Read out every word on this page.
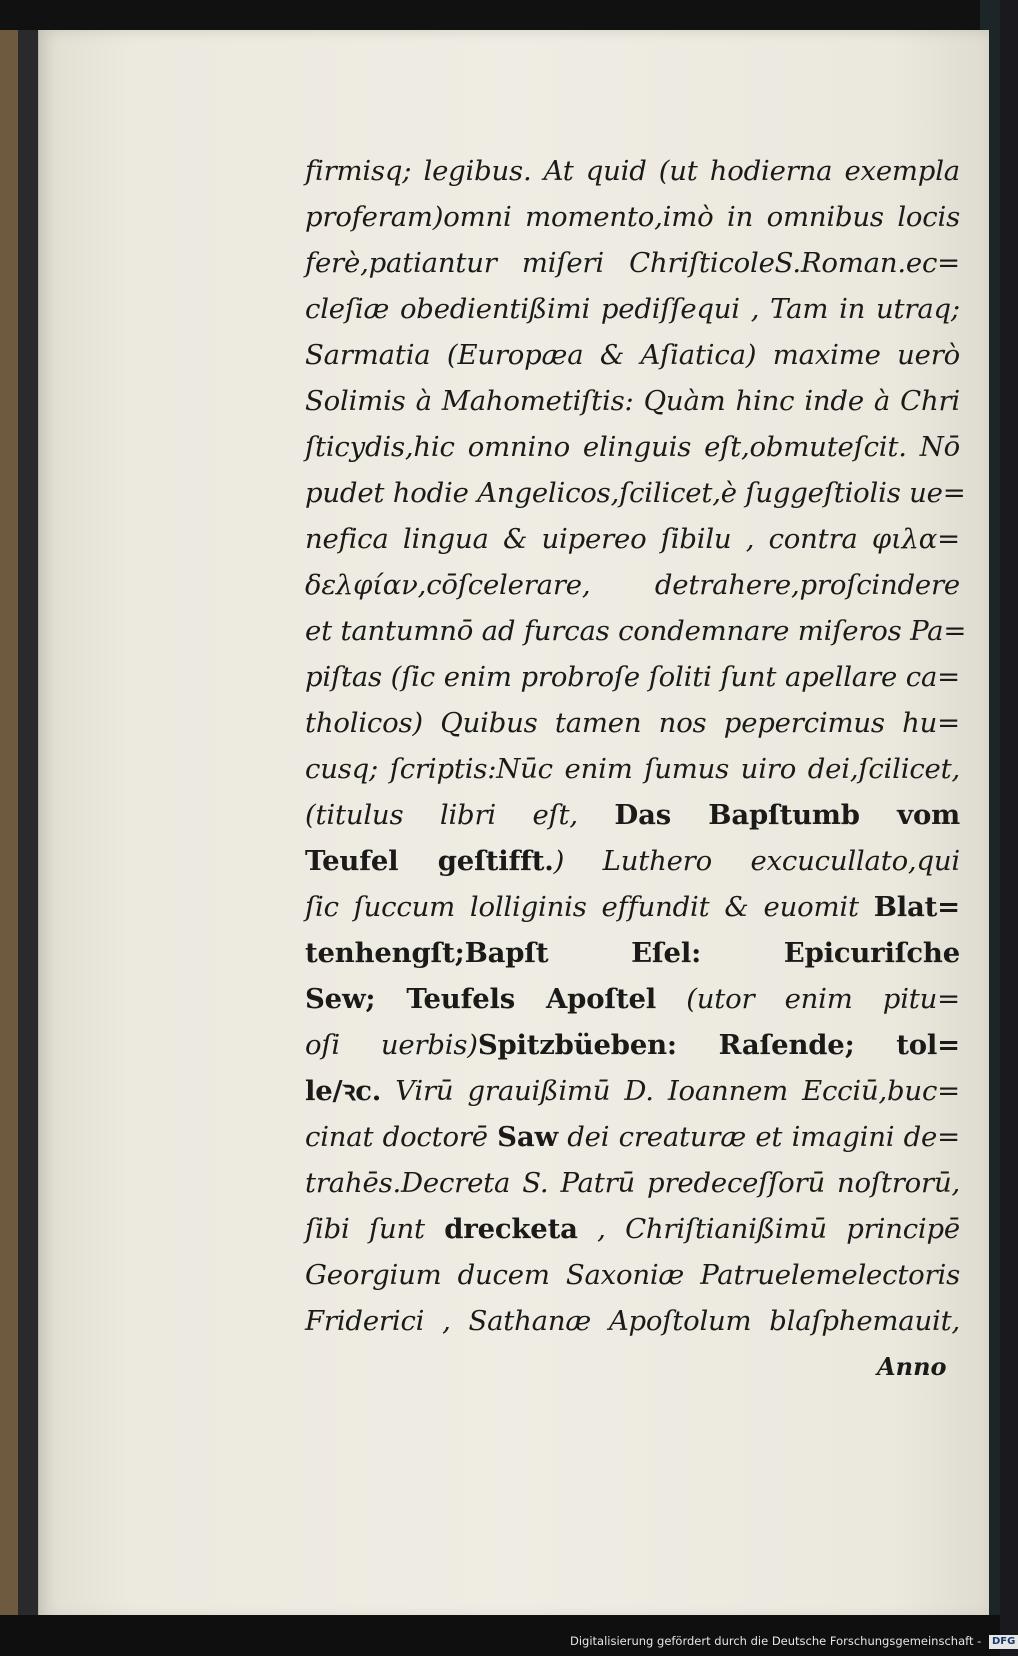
firmisq; legibus. At quid (ut hodierna exempla
proferam)omni momento,imò in omnibus locis
ferè,patiantur miſeri ChriſticoleS.Roman.ec=
cleſiæ obedientißimi pediſſequi , Tam in utraq;
Sarmatia (Europæa & Aſiatica) maxime uerò
Solimis à Mahometiſtis: Quàm hinc inde à Chri
ſticydis,hic omnino elinguis eſt,obmuteſcit. Nō
pudet hodie Angelicos,ſcilicet,è ſuggeſtiolis ue=
nefica lingua & uipereo ſibilu , contra φιλα=
δελφίαν,cōſcelerare, detrahere,proſcindere
et tantumnō ad furcas condemnare miſeros Pa=
piſtas (ſic enim probroſe ſoliti ſunt apellare ca=
tholicos) Quibus tamen nos pepercimus hu=
cusq; ſcriptis:Nūc enim ſumus uiro dei,ſcilicet,
(titulus libri eſt, Das Bapſtumb vom
Teufel geſtifft.) Luthero excucullato,qui
ſic ſuccum lolliginis effundit & euomit Blat=
tenhengſt;Bapſt Eſel: Epicuriſche
Sew; Teufels Apoſtel (utor enim pitu=
oſi uerbis)Spitzbüeben: Raſende; tol=
le/ꝛc. Virū grauißimū D. Ioannem Ecciū,buc=
cinat doctorē Saw dei creaturæ et imagini de=
trahēs.Decreta S. Patrū predeceſſorū noſtrorū,
ſibi ſunt drecketa , Chriſtianißimū principē
Georgium ducem Saxoniæ Patruelemelectoris
Friderici , Sathanæ Apoſtolum blaſphemauit,
Anno
Digitalisierung gefördert durch die Deutsche Forschungsgemeinschaft - DFG
